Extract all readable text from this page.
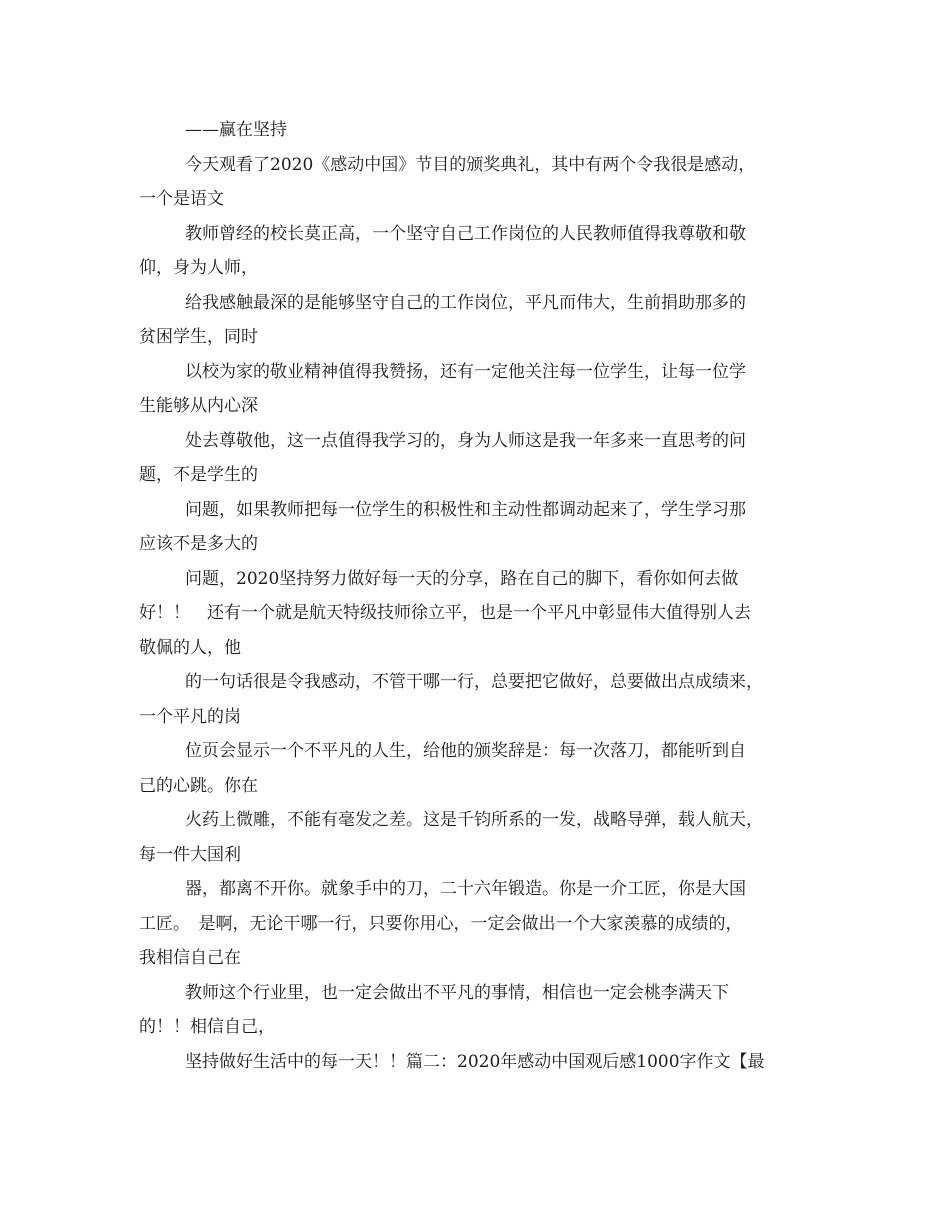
——赢在坚持
今天观看了2020《感动中国》节目的颁奖典礼，其中有两个令我很是感动，
一个是语文
教师曾经的校长莫正高，一个坚守自己工作岗位的人民教师值得我尊敬和敬
仰，身为人师，
给我感触最深的是能够坚守自己的工作岗位，平凡而伟大，生前捐助那多的
贫困学生，同时
以校为家的敬业精神值得我赞扬，还有一定他关注每一位学生，让每一位学
生能够从内心深
处去尊敬他，这一点值得我学习的，身为人师这是我一年多来一直思考的问
题，不是学生的
问题，如果教师把每一位学生的积极性和主动性都调动起来了，学生学习那
应该不是多大的
问题，2020坚持努力做好每一天的分享，路在自己的脚下，看你如何去做
好！！　还有一个就是航天特级技师徐立平，也是一个平凡中彰显伟大值得别人去
敬佩的人，他
的一句话很是令我感动，不管干哪一行，总要把它做好，总要做出点成绩来，
一个平凡的岗
位页会显示一个不平凡的人生，给他的颁奖辞是：每一次落刀，都能听到自
己的心跳。你在
火药上微雕，不能有毫发之差。这是千钧所系的一发，战略导弹，载人航天，
每一件大国利
器，都离不开你。就象手中的刀，二十六年锻造。你是一介工匠，你是大国
工匠。　是啊，无论干哪一行，只要你用心，一定会做出一个大家羡慕的成绩的，
我相信自己在
教师这个行业里，也一定会做出不平凡的事情，相信也一定会桃李满天下
的！！相信自己，
坚持做好生活中的每一天！！篇二：2020年感动中国观后感1000字作文【最
